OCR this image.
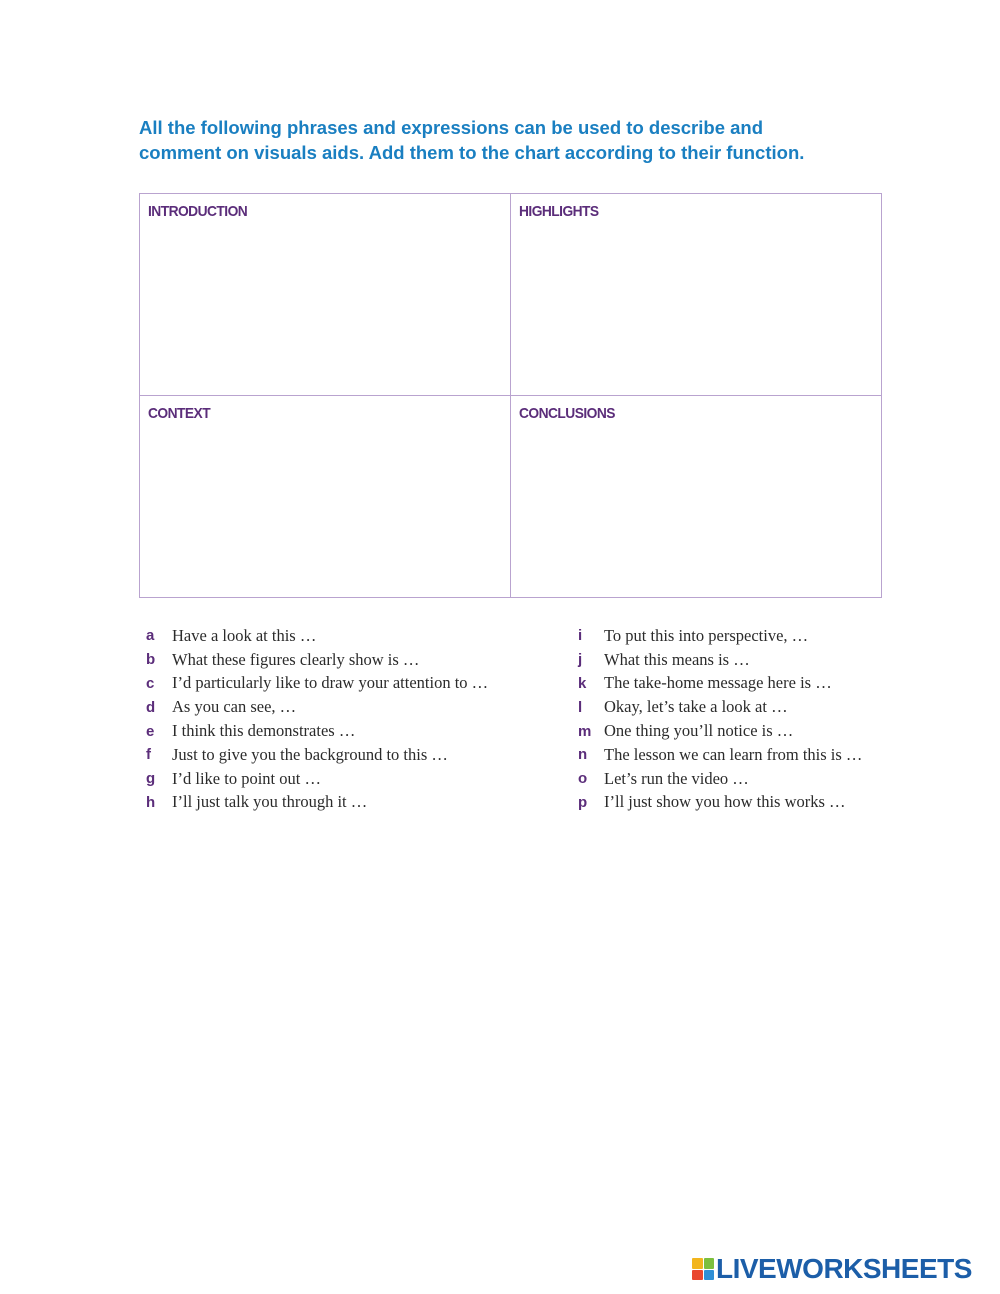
All the following phrases and expressions can be used to describe and
comment on visuals aids. Add them to the chart according to their function.

INTRODUCTION	HIGHLIGHTS
CONTEXT	CONCLUSIONS
a	Have a look at this …
b	What these figures clearly show is …
c	I’d particularly like to draw your attention to …
d	As you can see, …
e	I think this demonstrates …
f	Just to give you the background to this …
g	I’d like to point out …
h	I’ll just talk you through it …
i	To put this into perspective, …
j	What this means is …
k	The take-home message here is …
l	Okay, let’s take a look at …
m One thing you’ll notice is …
n	The lesson we can learn from this is …
o	Let’s run the video …
p	I’ll just show you how this works …
LIVEWORKSHEETS
